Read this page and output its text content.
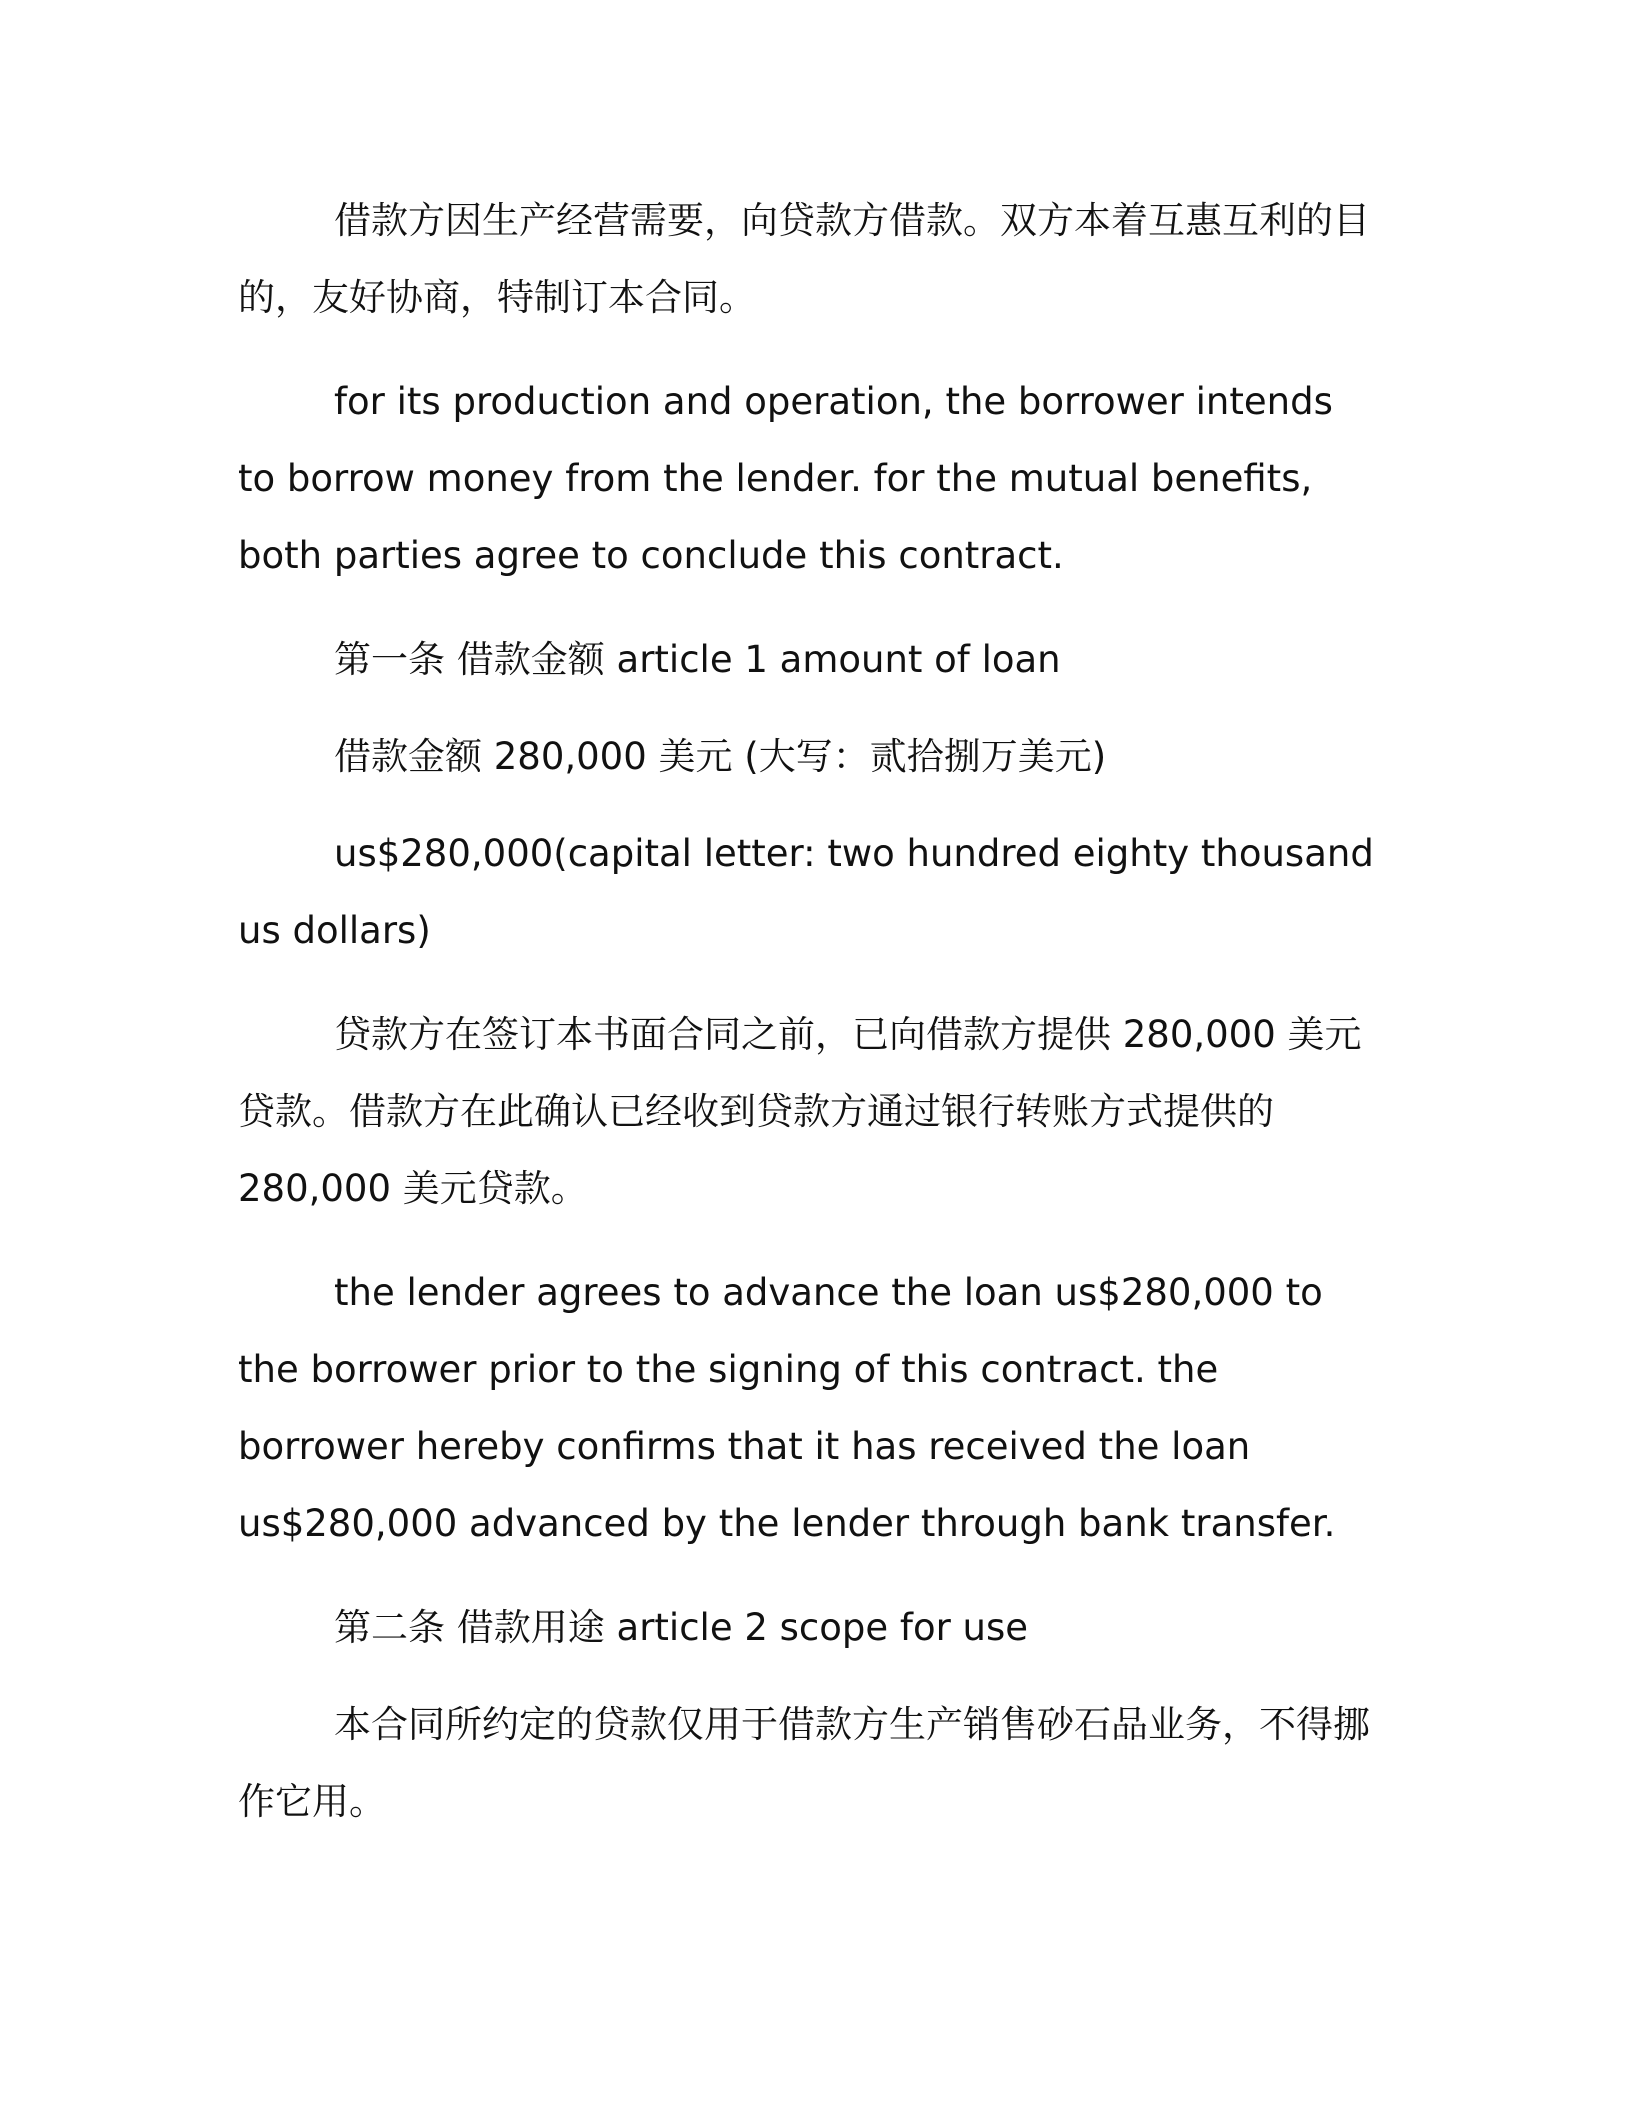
借款方因生产经营需要，向贷款方借款。双方本着互惠互利的目的，友好协商，特制订本合同。

for its production and operation, the borrower intends to borrow money from the lender. for the mutual benefits, both parties agree to conclude this contract.

第一条 借款金额 article 1 amount of loan

借款金额 280,000 美元 (大写：贰拾捌万美元)

us$280,000(capital letter: two hundred eighty thousand us dollars)

贷款方在签订本书面合同之前，已向借款方提供 280,000 美元贷款。借款方在此确认已经收到贷款方通过银行转账方式提供的 280,000 美元贷款。

the lender agrees to advance the loan us$280,000 to the borrower prior to the signing of this contract. the borrower hereby confirms that it has received the loan us$280,000 advanced by the lender through bank transfer.

第二条 借款用途 article 2 scope for use

本合同所约定的贷款仅用于借款方生产销售砂石品业务，不得挪作它用。
